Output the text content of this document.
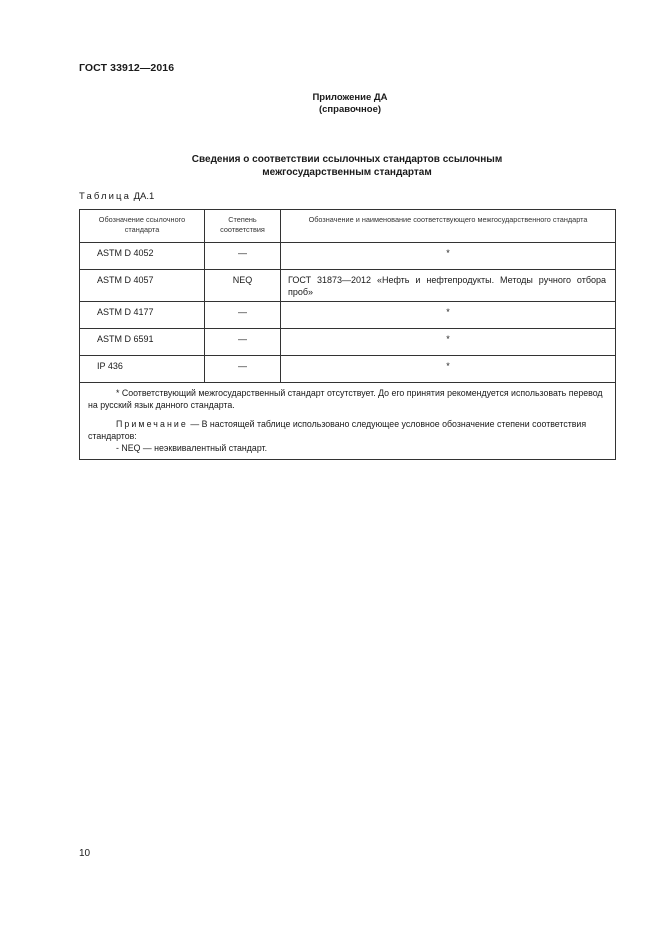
ГОСТ 33912—2016
Приложение ДА
(справочное)
Сведения о соответствии ссылочных стандартов ссылочным
межгосударственным стандартам
Таблица ДА.1
Обозначение ссылочного стандарта	Степень соответствия	Обозначение и наименование соответствующего межгосударственного стандарта
ASTM D 4052	—	*
ASTM D 4057	NEQ	ГОСТ 31873—2012 «Нефть и нефтепродукты. Методы ручного отбора проб»
ASTM D 4177	—	*
ASTM D 6591	—	*
IP 436	—	*

* Соответствующий межгосударственный стандарт отсутствует. До его принятия рекомендуется использовать перевод на русский язык данного стандарта.

Примечание — В настоящей таблице использовано следующее условное обозначение степени соответствия стандартов:

- NEQ — неэквивалентный стандарт.		

10
